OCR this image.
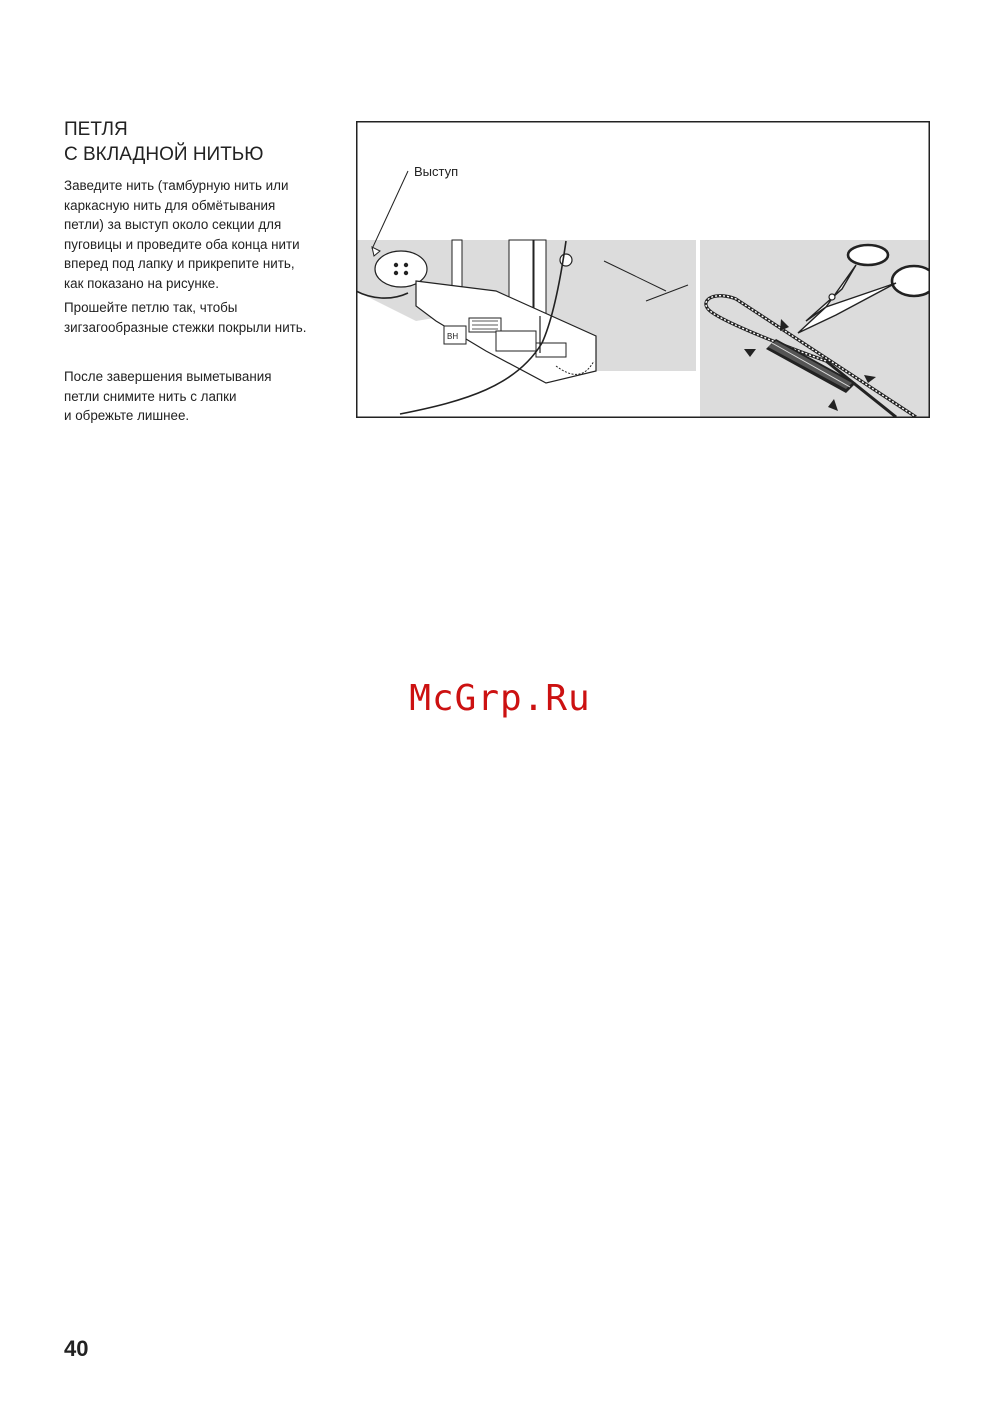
ПЕТЛЯ
С ВКЛАДНОЙ НИТЬЮ

Заведите нить (тамбурную нить или
каркасную нить для обмётывания
петли) за выступ около секции для
пуговицы и проведите оба конца нити
вперед под лапку и прикрепите нить,
как показано на рисунке.

Прошейте петлю так, чтобы
зигзагообразные стежки покрыли нить.

После завершения выметывания
петли снимите нить с лапки
и обрежьте лишнее.

BH
Выступ
McGrp.Ru
40
